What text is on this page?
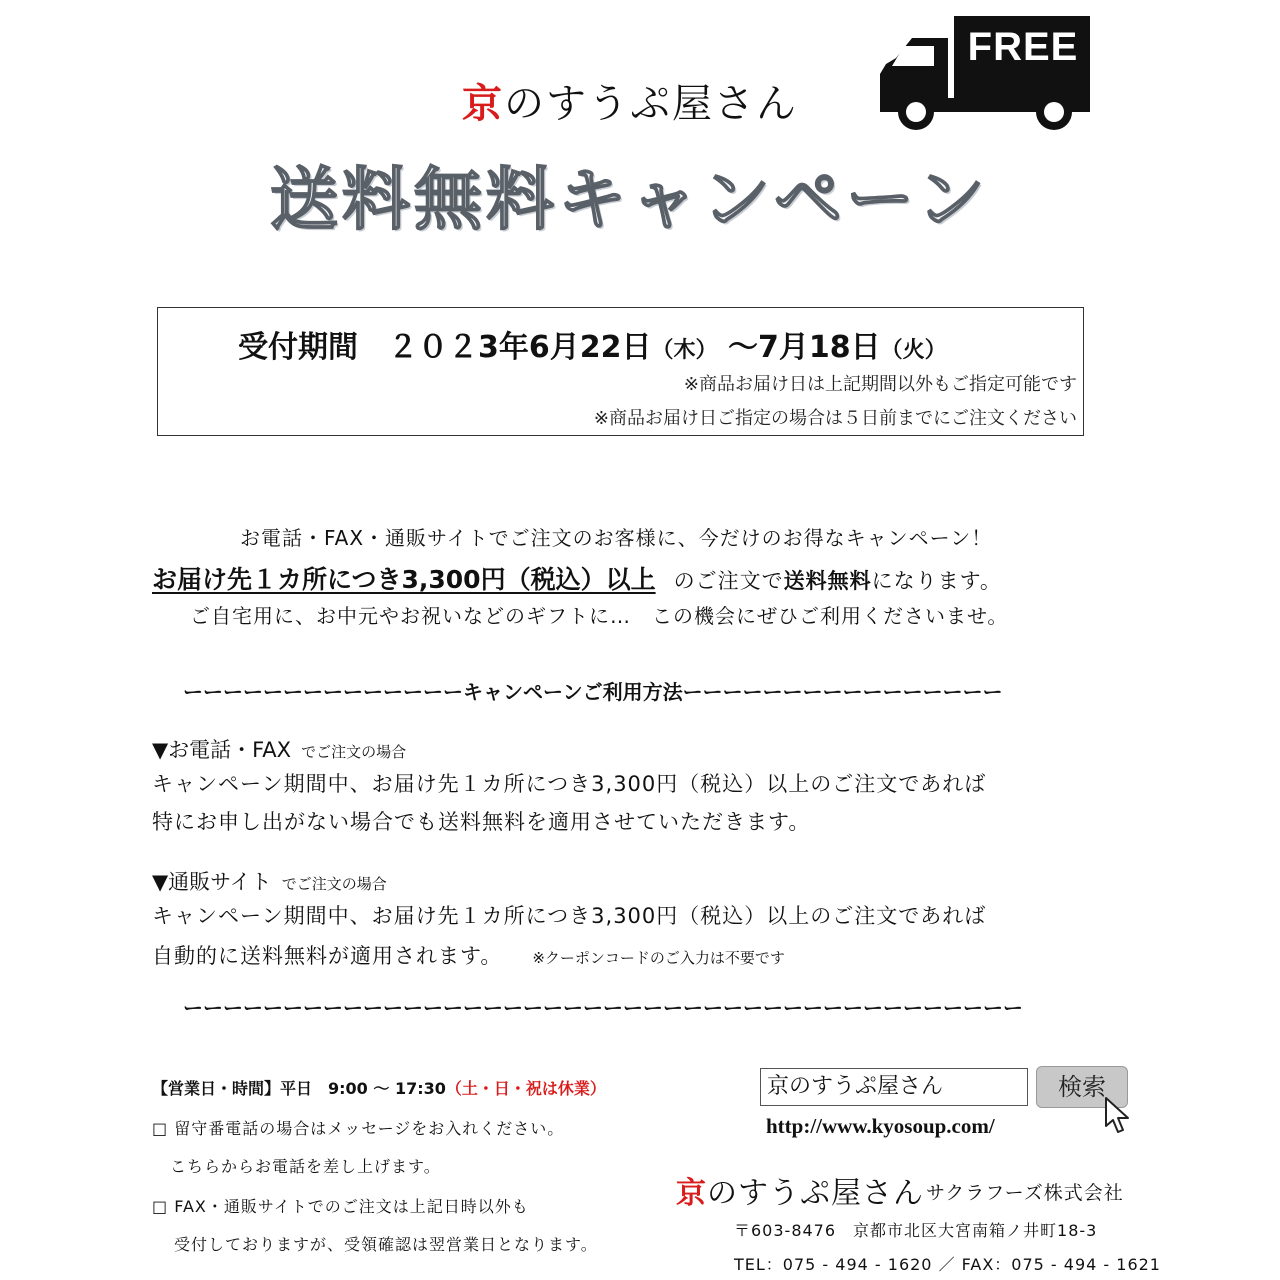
京のすうぷ屋さん
FREE
送料無料キャンペーン
受付期間　２０２3年6月22日（木） ～7月18日（火）
※商品お届け日は上記期間以外もご指定可能です
※商品お届け日ご指定の場合は５日前までにご注文ください
お電話・FAX・通販サイトでご注文のお客様に、今だけのお得なキャンペーン！
お届け先１カ所につき3,300円（税込）以上 のご注文で送料無料になります。
ご自宅用に、お中元やお祝いなどのギフトに…　この機会にぜひご利用くださいませ。
ーーーーーーーーーーーーーーキャンペーンご利用方法ーーーーーーーーーーーーーーーー
▼お電話・FAX でご注文の場合
キャンペーン期間中、お届け先１カ所につき3,300円（税込）以上のご注文であれば
特にお申し出がない場合でも送料無料を適用させていただきます。
▼通販サイト でご注文の場合
キャンペーン期間中、お届け先１カ所につき3,300円（税込）以上のご注文であれば
自動的に送料無料が適用されます。 ※クーポンコードのご入力は不要です
ーーーーーーーーーーーーーーーーーーーーーーーーーーーーーーーーーーーーーーーーーー
【営業日・時間】平日　9:00 ～ 17:30（土・日・祝は休業）
□ 留守番電話の場合はメッセージをお入れください。
こちらからお電話を差し上げます。
□ FAX・通販サイトでのご注文は上記日時以外も
受付しておりますが、受領確認は翌営業日となります。
京のすうぷ屋さん	検索
http://www.kyosoup.com/
京のすうぷ屋さん サクラフーズ株式会社
〒603-8476　京都市北区大宮南箱ノ井町18-3
TEL：075 - 494 - 1620 ／ FAX：075 - 494 - 1621
